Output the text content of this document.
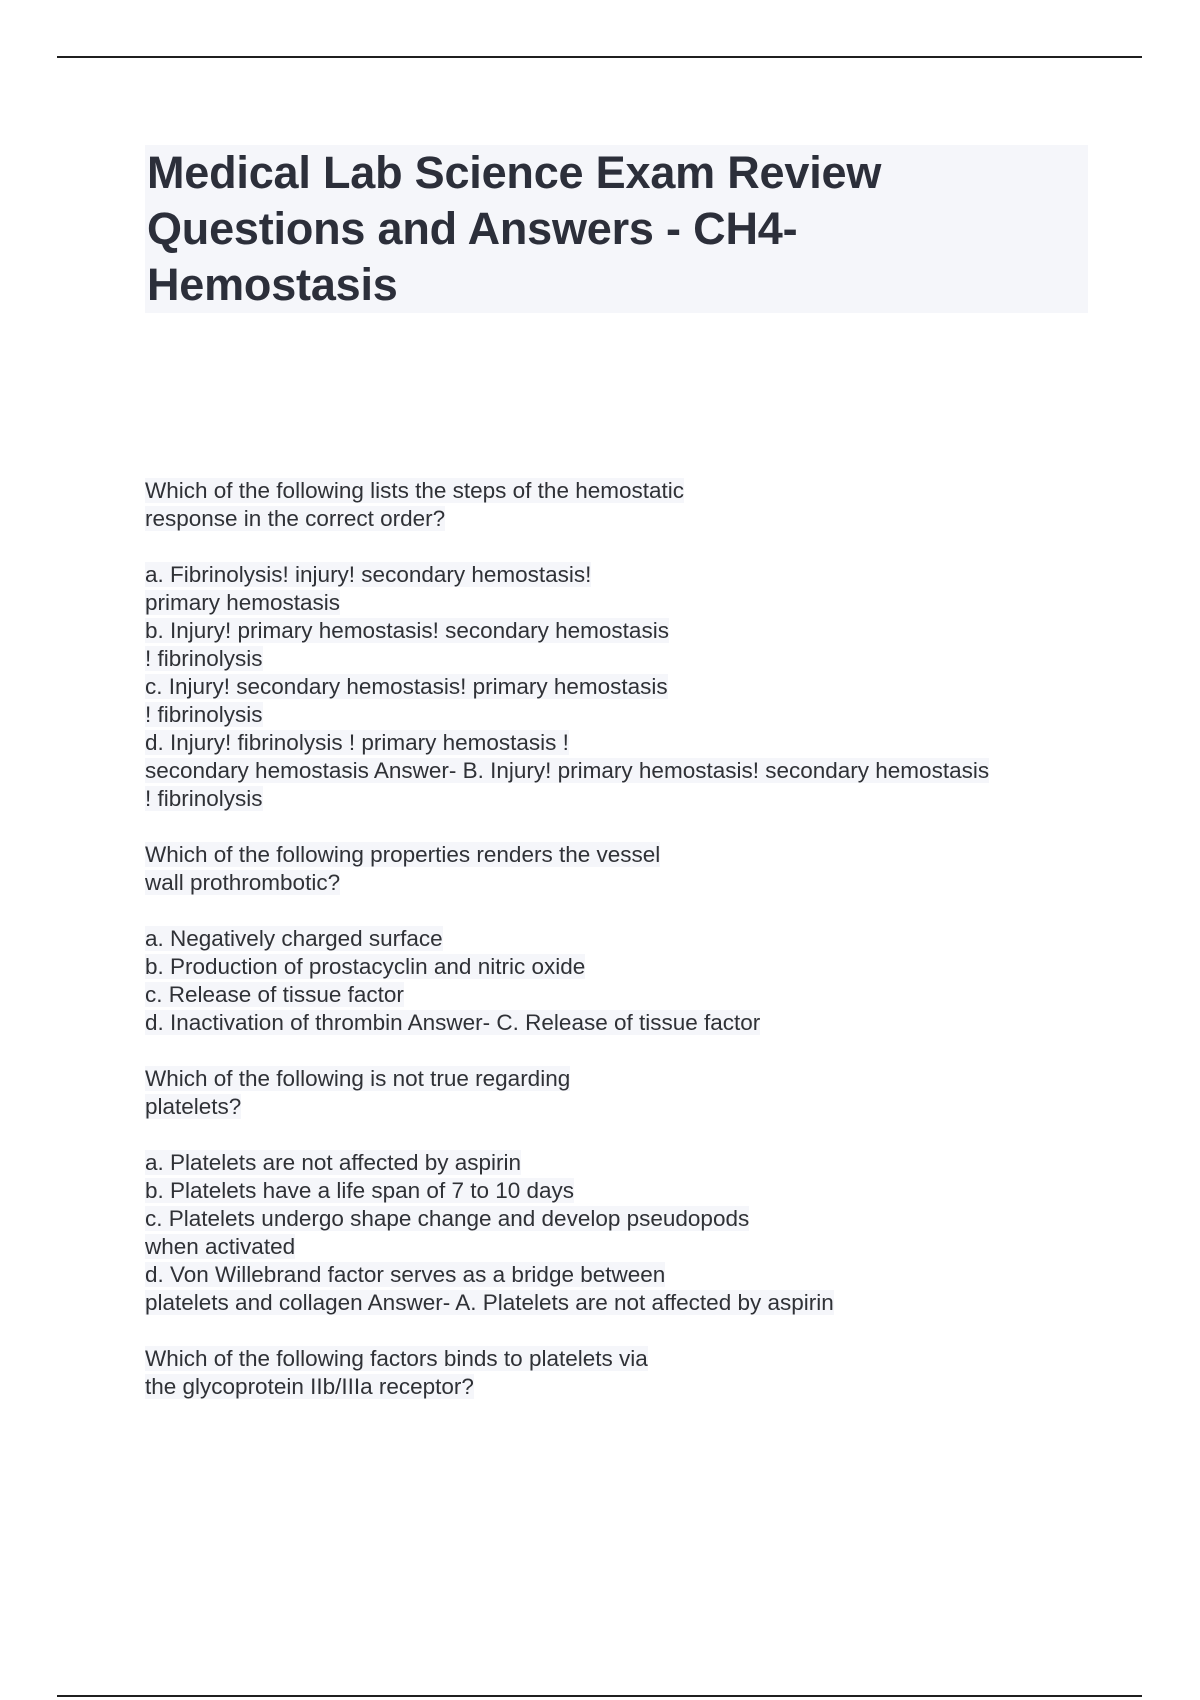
Medical Lab Science Exam Review
Questions and Answers - CH4-
Hemostasis
Which of the following lists the steps of the hemostatic
response in the correct order?
a. Fibrinolysis! injury! secondary hemostasis!
primary hemostasis
b. Injury! primary hemostasis! secondary hemostasis
! fibrinolysis
c. Injury! secondary hemostasis! primary hemostasis
! fibrinolysis
d. Injury! fibrinolysis ! primary hemostasis !
secondary hemostasis Answer- B. Injury! primary hemostasis! secondary hemostasis
! fibrinolysis
Which of the following properties renders the vessel
wall prothrombotic?
a. Negatively charged surface
b. Production of prostacyclin and nitric oxide
c. Release of tissue factor
d. Inactivation of thrombin Answer- C. Release of tissue factor
Which of the following is not true regarding
platelets?
a. Platelets are not affected by aspirin
b. Platelets have a life span of 7 to 10 days
c. Platelets undergo shape change and develop pseudopods
when activated
d. Von Willebrand factor serves as a bridge between
platelets and collagen Answer- A. Platelets are not affected by aspirin
Which of the following factors binds to platelets via
the glycoprotein IIb/IIIa receptor?
